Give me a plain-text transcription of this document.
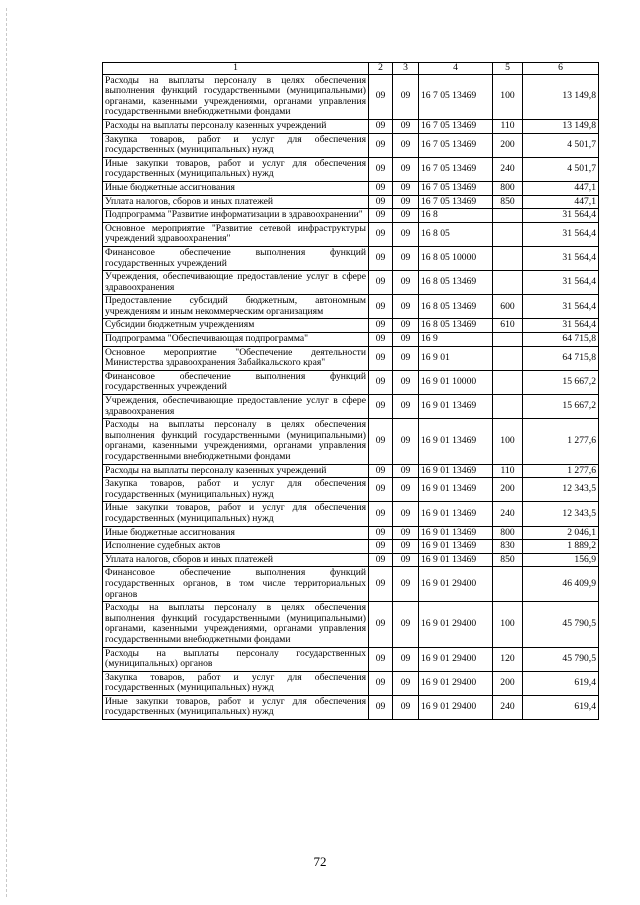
1	2	3	4	5	6
Расходы на выплаты персоналу в целях обеспечения выполнения функций государственными (муниципальными) органами, казенными учреждениями, органами управления государственными внебюджетными фондами	09	09	16 7 05 13469	100	13 149,8
Расходы на выплаты персоналу казенных учреждений	09	09	16 7 05 13469	110	13 149,8
Закупка товаров, работ и услуг для обеспечения государственных (муниципальных) нужд	09	09	16 7 05 13469	200	4 501,7
Иные закупки товаров, работ и услуг для обеспечения государственных (муниципальных) нужд	09	09	16 7 05 13469	240	4 501,7
Иные бюджетные ассигнования	09	09	16 7 05 13469	800	447,1
Уплата налогов, сборов и иных платежей	09	09	16 7 05 13469	850	447,1
Подпрограмма "Развитие информатизации в здравоохранении"	09	09	16 8		31 564,4
Основное мероприятие "Развитие сетевой инфраструктуры учреждений здравоохранения"	09	09	16 8 05		31 564,4
Финансовое обеспечение выполнения функций государственных учреждений	09	09	16 8 05 10000		31 564,4
Учреждения, обеспечивающие предоставление услуг в сфере здравоохранения	09	09	16 8 05 13469		31 564,4
Предоставление субсидий бюджетным, автономным учреждениям и иным некоммерческим организациям	09	09	16 8 05 13469	600	31 564,4
Субсидии бюджетным учреждениям	09	09	16 8 05 13469	610	31 564,4
Подпрограмма "Обеспечивающая подпрограмма"	09	09	16 9		64 715,8
Основное мероприятие "Обеспечение деятельности Министерства здравоохранения Забайкальского края"	09	09	16 9 01		64 715,8
Финансовое обеспечение выполнения функций государственных учреждений	09	09	16 9 01 10000		15 667,2
Учреждения, обеспечивающие предоставление услуг в сфере здравоохранения	09	09	16 9 01 13469		15 667,2
Расходы на выплаты персоналу в целях обеспечения выполнения функций государственными (муниципальными) органами, казенными учреждениями, органами управления государственными внебюджетными фондами	09	09	16 9 01 13469	100	1 277,6
Расходы на выплаты персоналу казенных учреждений	09	09	16 9 01 13469	110	1 277,6
Закупка товаров, работ и услуг для обеспечения государственных (муниципальных) нужд	09	09	16 9 01 13469	200	12 343,5
Иные закупки товаров, работ и услуг для обеспечения государственных (муниципальных) нужд	09	09	16 9 01 13469	240	12 343,5
Иные бюджетные ассигнования	09	09	16 9 01 13469	800	2 046,1
Исполнение судебных актов	09	09	16 9 01 13469	830	1 889,2
Уплата налогов, сборов и иных платежей	09	09	16 9 01 13469	850	156,9
Финансовое обеспечение выполнения функций государственных органов, в том числе территориальных органов	09	09	16 9 01 29400		46 409,9
Расходы на выплаты персоналу в целях обеспечения выполнения функций государственными (муниципальными) органами, казенными учреждениями, органами управления государственными внебюджетными фондами	09	09	16 9 01 29400	100	45 790,5
Расходы на выплаты персоналу государственных (муниципальных) органов	09	09	16 9 01 29400	120	45 790,5
Закупка товаров, работ и услуг для обеспечения государственных (муниципальных) нужд	09	09	16 9 01 29400	200	619,4
Иные закупки товаров, работ и услуг для обеспечения государственных (муниципальных) нужд	09	09	16 9 01 29400	240	619,4
72
